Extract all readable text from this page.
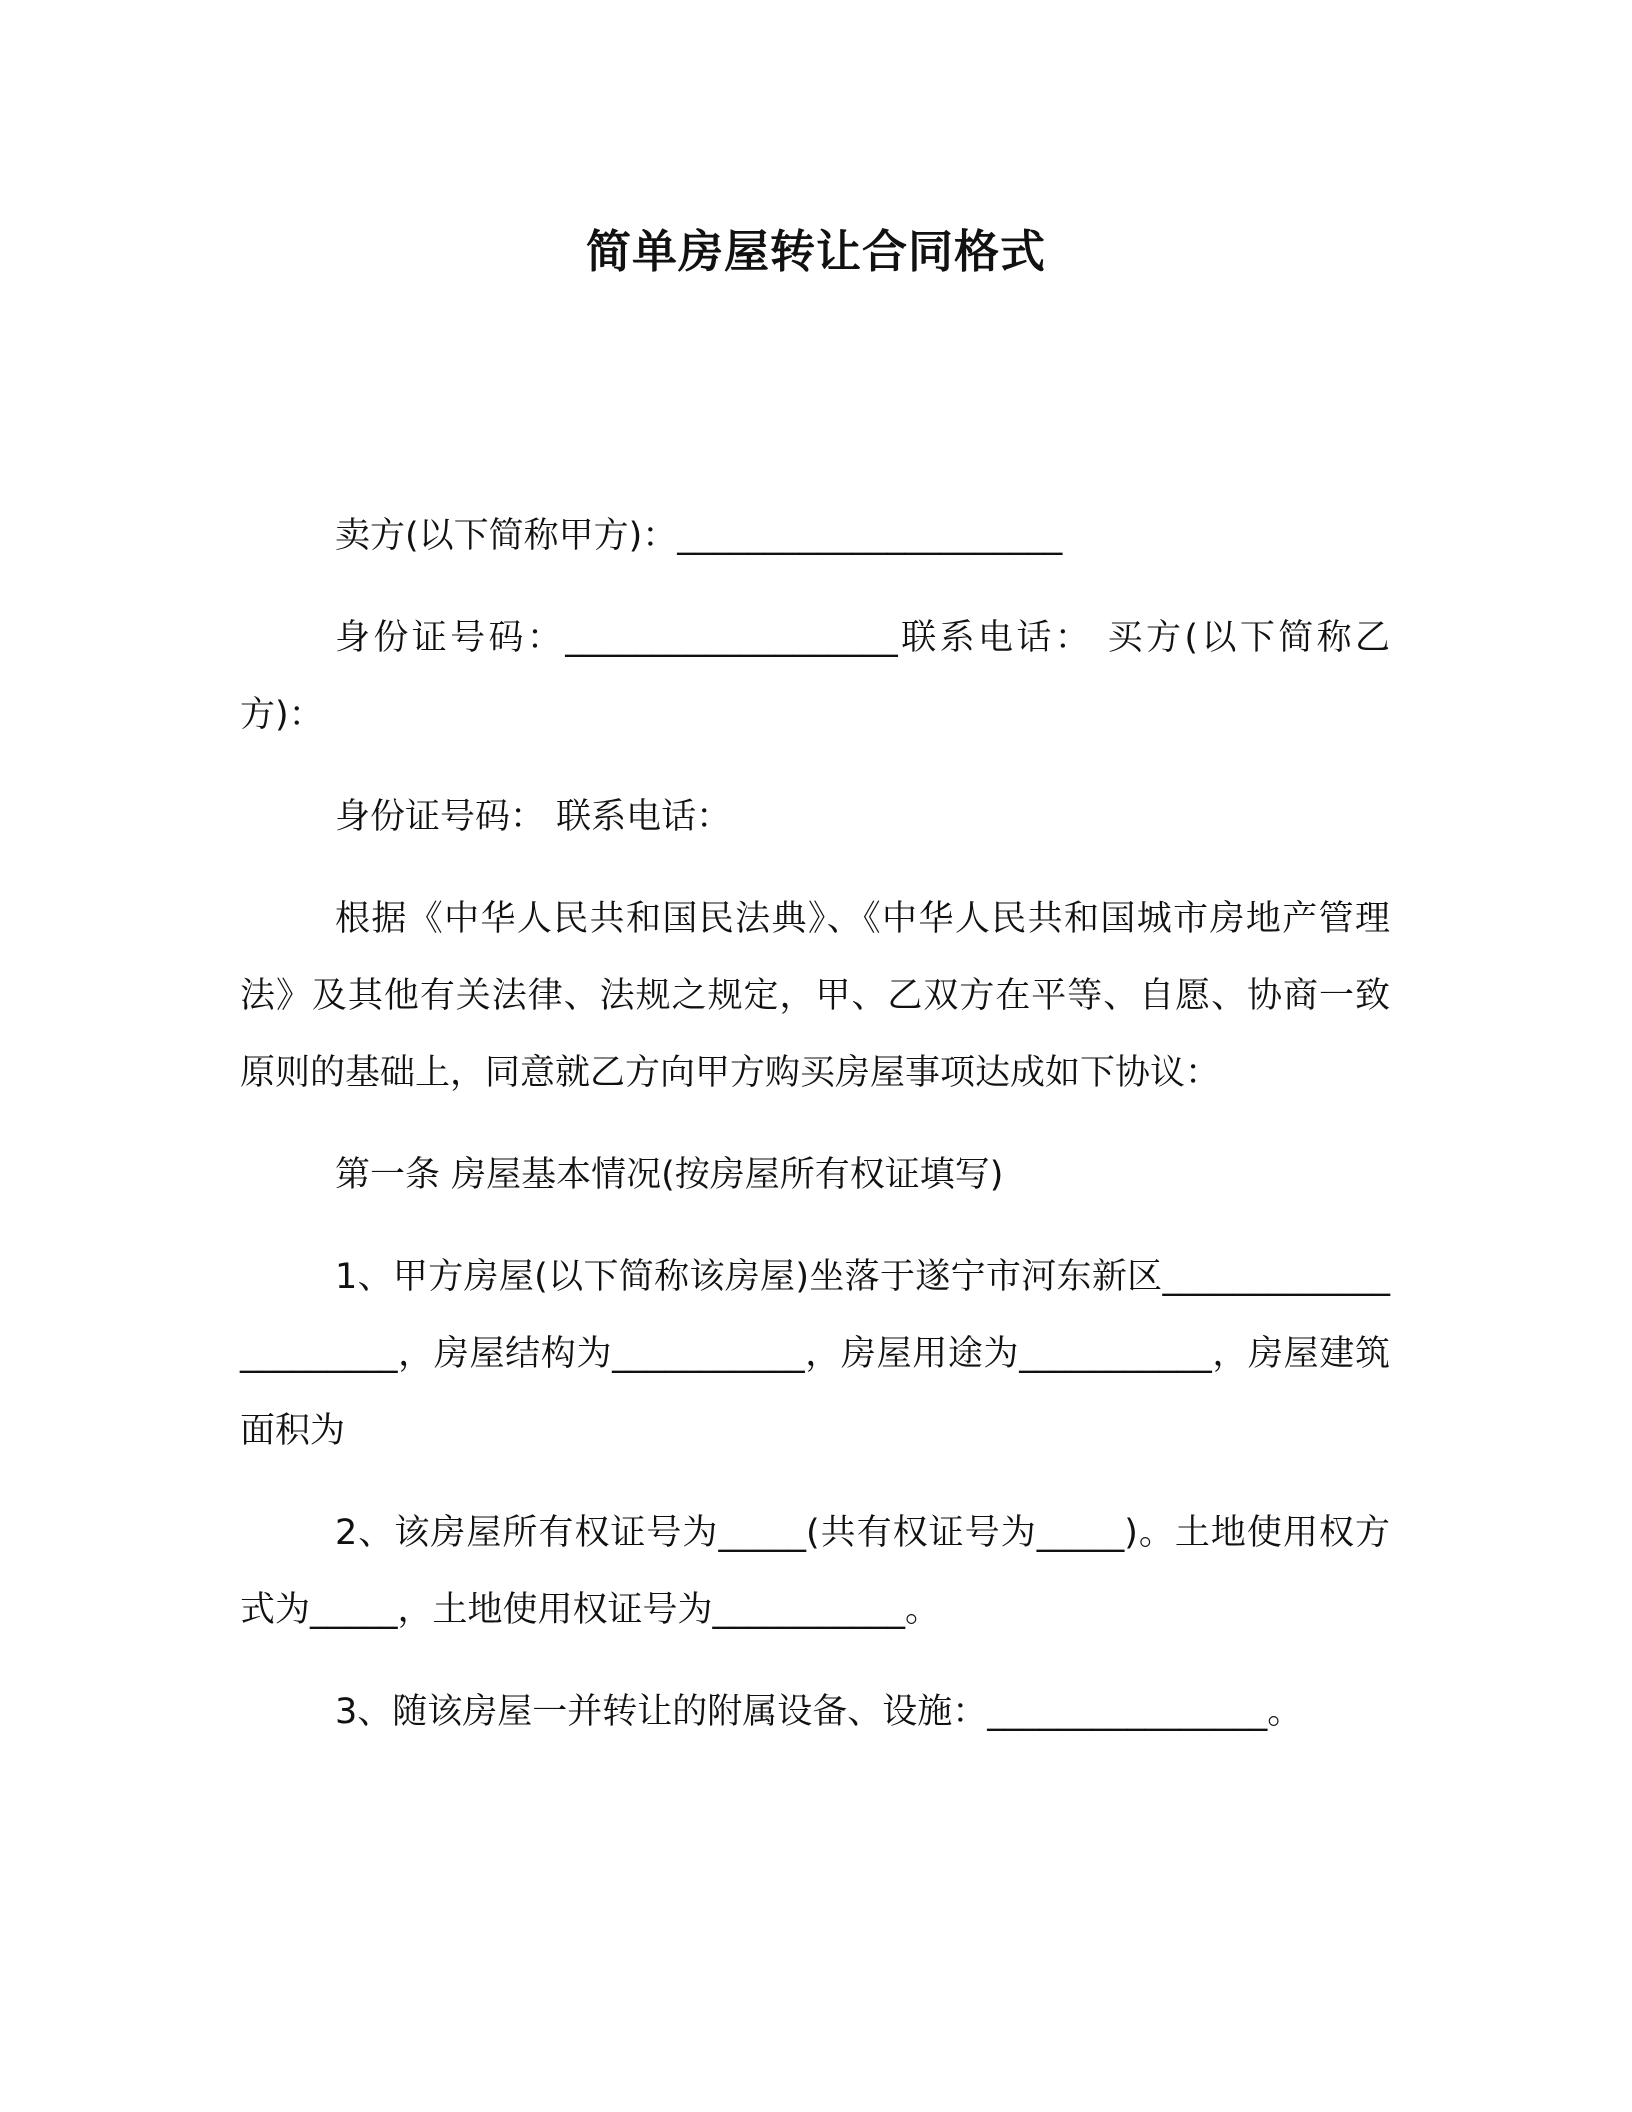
简单房屋转让合同格式

卖方(以下简称甲方)：______________________

身份证号码：___________________联系电话： 买方(以下简称乙方)：

身份证号码： 联系电话：

根据《中华人民共和国民法典》、《中华人民共和国城市房地产管理法》及其他有关法律、法规之规定，甲、乙双方在平等、自愿、协商一致原则的基础上，同意就乙方向甲方购买房屋事项达成如下协议：

第一条 房屋基本情况(按房屋所有权证填写)

1、甲方房屋(以下简称该房屋)坐落于遂宁市河东新区______________________，房屋结构为___________，房屋用途为___________，房屋建筑面积为

2、该房屋所有权证号为_____(共有权证号为_____)。土地使用权方式为_____，土地使用权证号为___________。

3、随该房屋一并转让的附属设备、设施：________________。
